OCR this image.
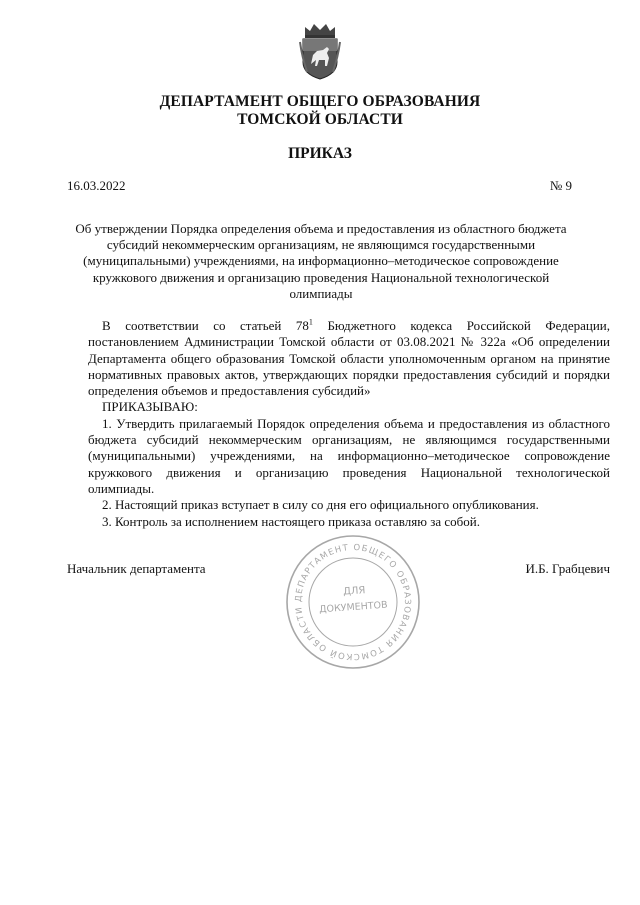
ДЕПАРТАМЕНТ ОБЩЕГО ОБРАЗОВАНИЯ
ТОМСКОЙ ОБЛАСТИ
ПРИКАЗ
16.03.2022	№ 9
Об утверждении Порядка определения объема и предоставления из областного бюджета субсидий некоммерческим организациям, не являющимся государственными (муниципальными) учреждениями, на информационно–методическое сопровождение кружкового движения и организацию проведения Национальной технологической олимпиады

В соответствии со статьей $78^1$ Бюджетного кодекса Российской Федерации, постановлением Администрации Томской области от 03.08.2021 № 322а «Об определении Департамента общего образования Томской области уполномоченным органом на принятие нормативных правовых актов, утверждающих порядки предоставления субсидий и порядки определения объемов и предоставления субсидий»

ПРИКАЗЫВАЮ:

1. Утвердить прилагаемый Порядок определения объема и предоставления из областного бюджета субсидий некоммерческим организациям, не являющимся государственными (муниципальными) учреждениями, на информационно–методическое сопровождение кружкового движения и организацию проведения Национальной технологической олимпиады.

2. Настоящий приказ вступает в силу со дня его официального опубликования.

3. Контроль за исполнением настоящего приказа оставляю за собой.

Начальник департамента	И.Б. Грабцевич
ДЕПАРТАМЕНТ ОБЩЕГО ОБРАЗОВАНИЯ ТОМСКОЙ ОБЛАСТИ
ДЛЯ
ДОКУМЕНТОВ
